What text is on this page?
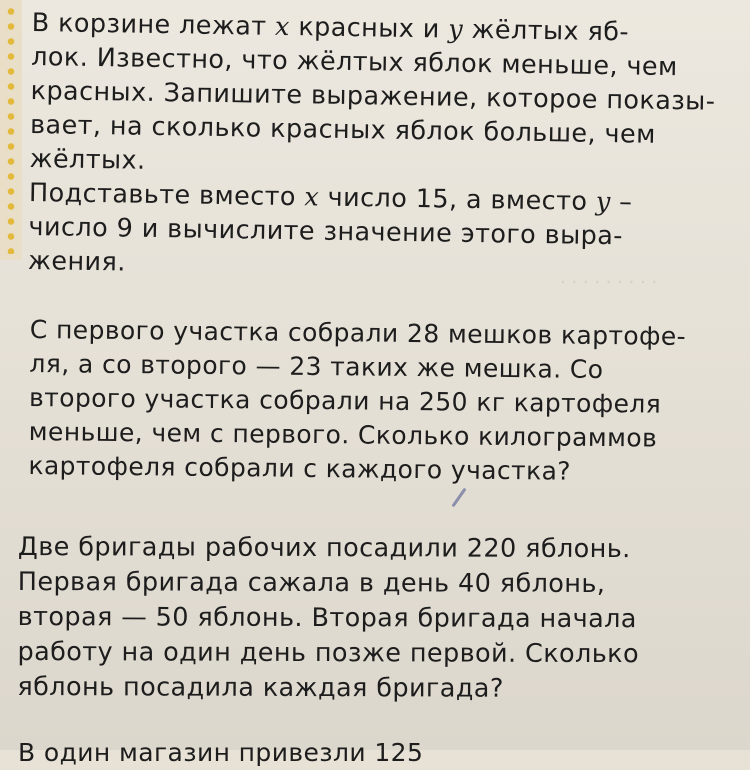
· · · · · · · · ·
В корзине лежат x красных и y жёлтых яб-
лок. Известно, что жёлтых яблок меньше, чем
красных. Запишите выражение, которое показы-
вает, на сколько красных яблок больше, чем
жёлтых.
Подставьте вместо x число 15, а вместо y –
число 9 и вычислите значение этого выра-
жения.
С первого участка собрали 28 мешков картофе-
ля, а со второго — 23 таких же мешка. Со
второго участка собрали на 250 кг картофеля
меньше, чем с первого. Сколько килограммов
картофеля собрали с каждого участка?
Две бригады рабочих посадили 220 яблонь.
Первая бригада сажала в день 40 яблонь,
вторая — 50 яблонь. Вторая бригада начала
работу на один день позже первой. Сколько
яблонь посадила каждая бригада?
В один магазин привезли 125
